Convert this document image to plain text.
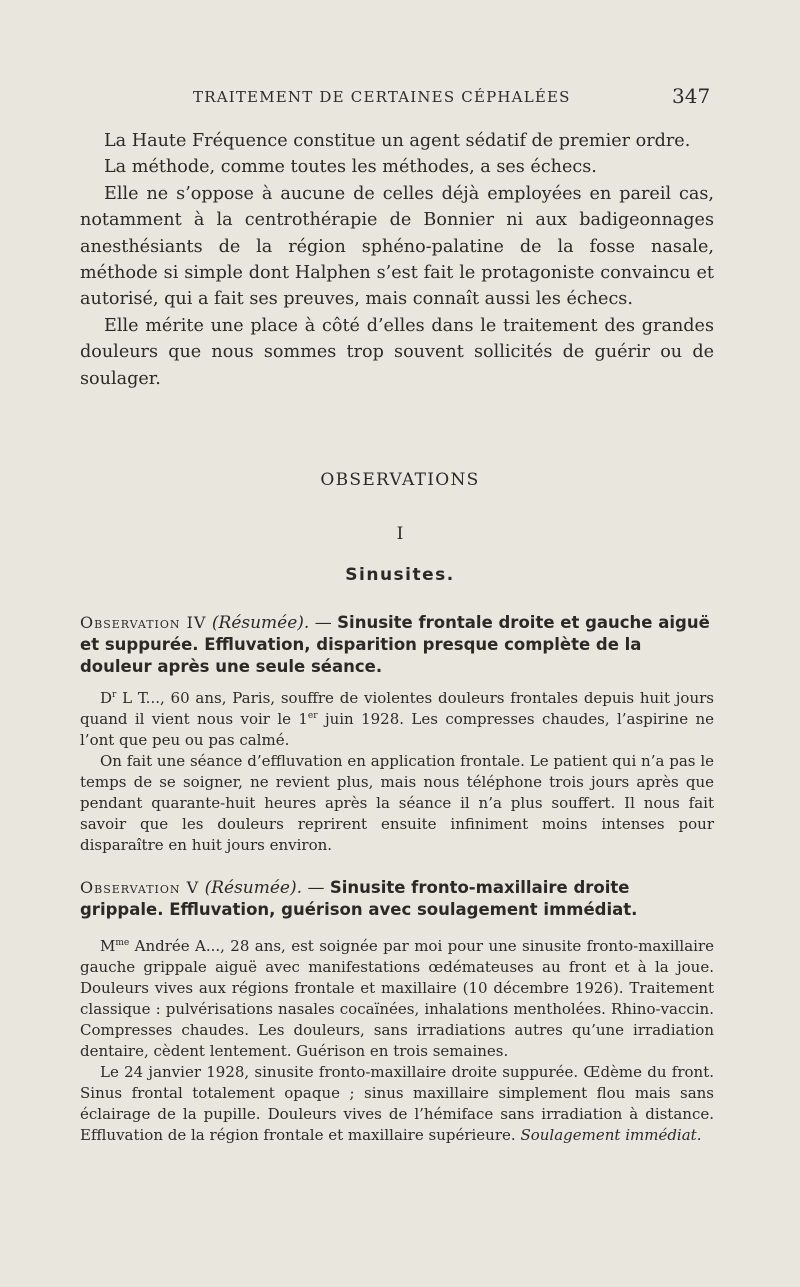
TRAITEMENT DE CERTAINES CÉPHALÉES	347

La Haute Fréquence constitue un agent sédatif de premier ordre.

La méthode, comme toutes les méthodes, a ses échecs.

Elle ne s’oppose à aucune de celles déjà employées en pareil cas, notamment à la centrothérapie de Bonnier ni aux badigeonnages anesthésiants de la région sphéno-palatine de la fosse nasale, méthode si simple dont Halphen s’est fait le protagoniste convaincu et autorisé, qui a fait ses preuves, mais connaît aussi les échecs.

Elle mérite une place à côté d’elles dans le traitement des grandes douleurs que nous sommes trop souvent sollicités de guérir ou de soulager.

OBSERVATIONS
I
Sinusites.
Observation IV (Résumée). — Sinusite frontale droite et gauche aiguë et suppurée. Effluvation, disparition presque complète de la douleur après une seule séance.

$D^r$ L T..., 60 ans, Paris, souffre de violentes douleurs frontales depuis huit jours quand il vient nous voir le 1er juin 1928. Les compresses chaudes, l’aspirine ne l’ont que peu ou pas calmé.

On fait une séance d’effluvation en application frontale. Le patient qui n’a pas le temps de se soigner, ne revient plus, mais nous téléphone trois jours après que pendant quarante-huit heures après la séance il n’a plus souffert. Il nous fait savoir que les douleurs reprirent ensuite infiniment moins intenses pour disparaître en huit jours environ.

Observation V (Résumée). — Sinusite fronto-maxillaire droite grippale. Effluvation, guérison avec soulagement immédiat.

$M^{me}$ Andrée A..., 28 ans, est soignée par moi pour une sinusite fronto-maxillaire gauche grippale aiguë avec manifestations œdémateuses au front et à la joue. Douleurs vives aux régions frontale et maxillaire (10 décembre 1926). Traitement classique : pulvérisations nasales cocaïnées, inhalations mentholées. Rhino-vaccin. Compresses chaudes. Les douleurs, sans irradiations autres qu’une irradiation dentaire, cèdent lentement. Guérison en trois semaines.

Le 24 janvier 1928, sinusite fronto-maxillaire droite suppurée. Œdème du front. Sinus frontal totalement opaque ; sinus maxillaire simplement flou mais sans éclairage de la pupille. Douleurs vives de l’hémiface sans irradiation à distance. Effluvation de la région frontale et maxillaire supérieure. Soulagement immédiat.
